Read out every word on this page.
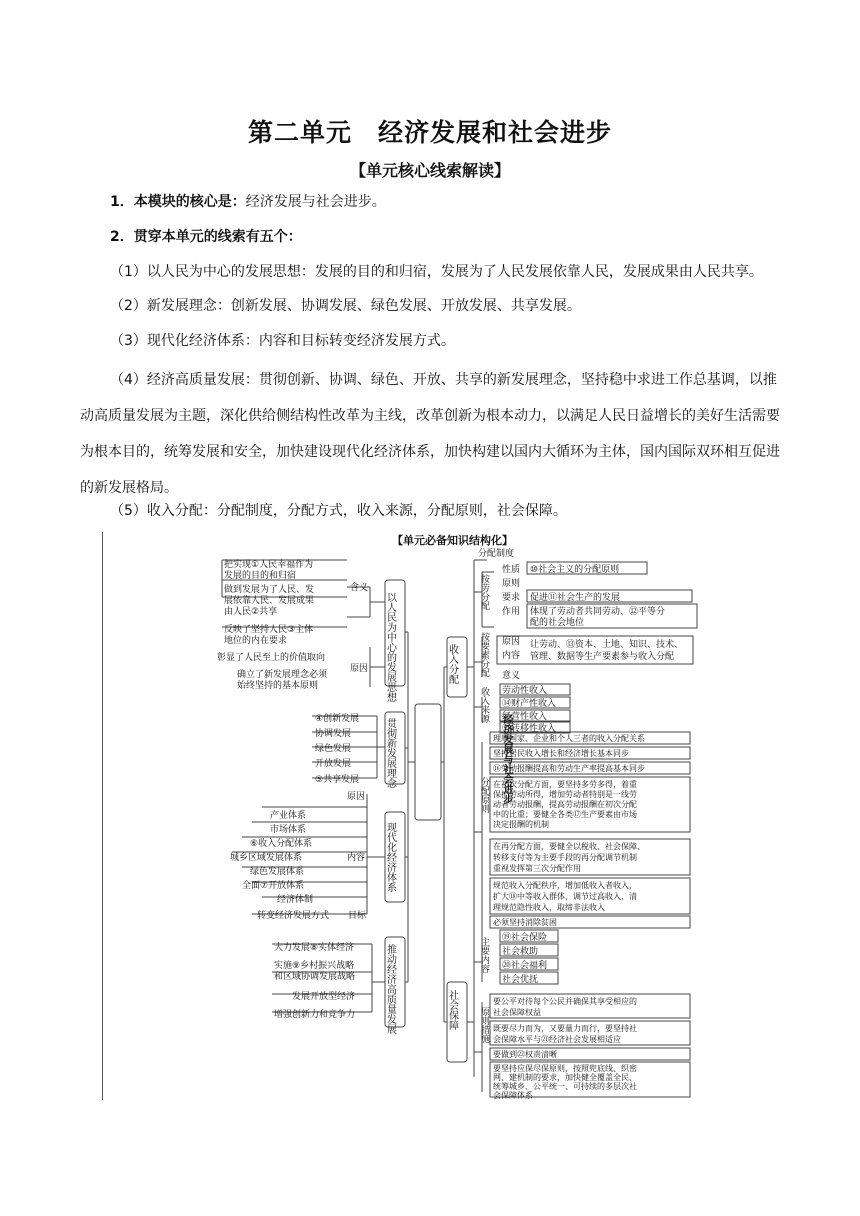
第二单元　经济发展和社会进步
【单元核心线索解读】
1．本模块的核心是：经济发展与社会进步。
2．贯穿本单元的线索有五个：
（1）以人民为中心的发展思想：发展的目的和归宿，发展为了人民发展依靠人民，发展成果由人民共享。
（2）新发展理念：创新发展、协调发展、绿色发展、开放发展、共享发展。
（3）现代化经济体系：内容和目标转变经济发展方式。
（4）经济高质量发展：贯彻创新、协调、绿色、开放、共享的新发展理念，坚持稳中求进工作总基调，以推动高质量发展为主题，深化供给侧结构性改革为主线，改革创新为根本动力，以满足人民日益增长的美好生活需要为根本目的，统筹发展和安全，加快建设现代化经济体系，加快构建以国内大循环为主体，国内国际双环相互促进的新发展格局。
（5）收入分配：分配制度，分配方式，收入来源，分配原则，社会保障。
【单元必备知识结构化】
经济发展与社会进步
以人民为中心的发展思想
贯彻新发展理念
现代化经济体系
推动经济高质量发展
含义
原因
把实现①人民幸福作为
发展的目的和归宿
做到发展为了人民、发
展依靠人民、发展成果
由人民②共享
反映了坚持人民③主体
地位的内在要求
彰显了人民至上的价值取向
确立了新发展理念必须
始终坚持的基本原则
④创新发展
协调发展
绿色发展
开放发展
⑤共享发展
原因
内容
产业体系
市场体系
⑥收入分配体系
城乡区域发展体系
绿色发展体系
全面⑦开放体系
经济体制
转变经济发展方式 目标
大力发展⑧实体经济
实施⑨乡村振兴战略
和区域协调发展战略
发展开放型经济
增强创新力和竞争力
收入分配
分配制度
按劳分配
性质
原则
要求
作用
⑩社会主义的分配原则
促进⑪社会生产的发展
体现了劳动者共同劳动、⑫平等分
配的社会地位
按要素分配 原因
内容
意义
让劳动、⑬资本、土地、知识、技术、
管理、数据等生产要素参与收入分配
收入来源 劳动性收入
⑭财产性收入
经营性收入
⑮转移性收入
分配原则
理顺国家、企业和个人三者的收入分配关系
坚持居民收入增长和经济增长基本同步
⑯劳动报酬提高和劳动生产率提高基本同步
在初次分配方面，要坚持多劳多得，着重
保护劳动所得，增加劳动者特别是一线劳
动者劳动报酬，提高劳动报酬在初次分配
中的比重；要健全各类⑰生产要素由市场
决定报酬的机制
在再分配方面，要健全以税收、社会保障、
转移支付等为主要手段的再分配调节机制
重视发挥第三次分配作用
规范收入分配秩序，增加低收入者收入，
扩大⑱中等收入群体，调节过高收入，清
理规范隐性收入，取缔非法收入
必须坚持消除贫困
社会保障
主要内容 ⑲社会保险
社会救助
⑳社会福利
社会优抚
原则措施
要公平对待每个公民并确保其享受相应的
社会保障权益
既要尽力而为，又要量力而行，要坚持社
会保障水平与㉑经济社会发展相适应
要做到㉒权责清晰
要坚持应保尽保原则，按照兜底线、织密
网、建机制的要求，加快健全覆盖全民、
统筹城乡、公平统一、可持续的多层次社
会保障体系
